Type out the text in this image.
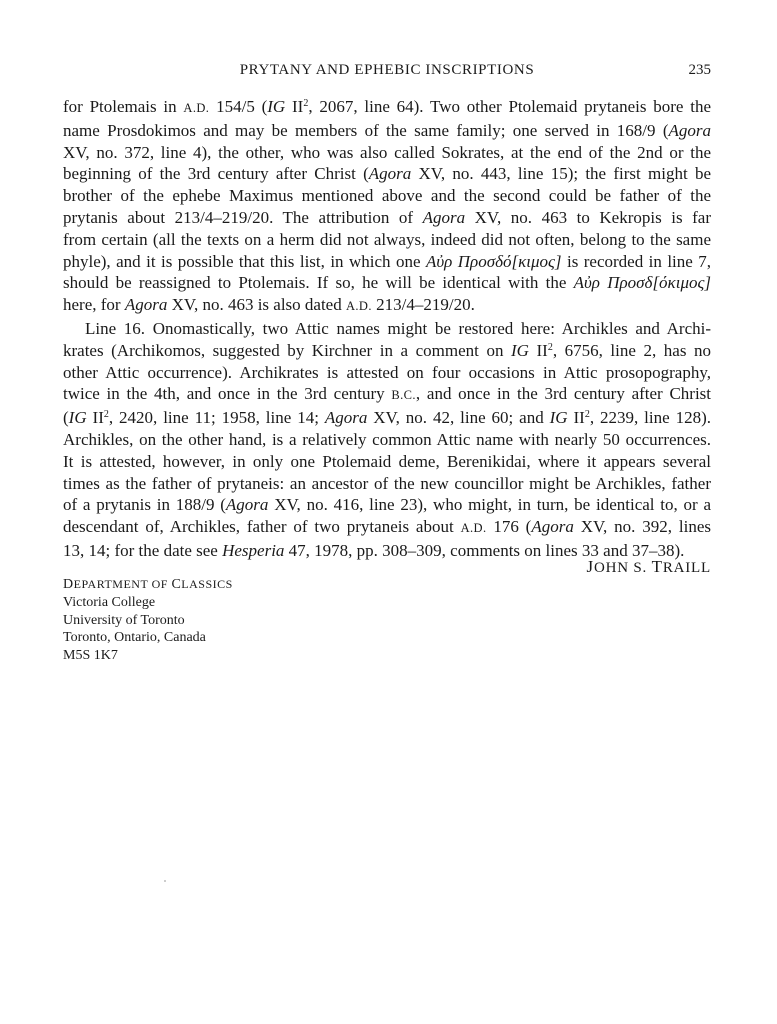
PRYTANY AND EPHEBIC INSCRIPTIONS	235
for Ptolemais in A.D. 154/5 (IG $II^2$, 2067, line 64). Two other Ptolemaid prytaneis bore the
name Prosdokimos and may be members of the same family; one served in 168/9 (Agora
XV, no. 372, line 4), the other, who was also called Sokrates, at the end of the 2nd or the
beginning of the 3rd century after Christ (Agora XV, no. 443, line 15); the first might be
brother of the ephebe Maximus mentioned above and the second could be father of the
prytanis about 213/4–219/20. The attribution of Agora XV, no. 463 to Kekropis is far
from certain (all the texts on a herm did not always, indeed did not often, belong to the same
phyle), and it is possible that this list, in which one Αὐρ Προσδό[κιμος] is recorded in line 7,
should be reassigned to Ptolemais. If so, he will be identical with the Αὐρ Προσδ[όκιμος]
here, for Agora XV, no. 463 is also dated A.D. 213/4–219/20.
Line 16. Onomastically, two Attic names might be restored here: Archikles and Archi-
krates (Archikomos, suggested by Kirchner in a comment on IG $II^2$, 6756, line 2, has no
other Attic occurrence). Archikrates is attested on four occasions in Attic prosopography,
twice in the 4th, and once in the 3rd century B.C., and once in the 3rd century after Christ
(IG $II^2$, 2420, line 11; 1958, line 14; Agora XV, no. 42, line 60; and IG $II^2$, 2239, line 128).
Archikles, on the other hand, is a relatively common Attic name with nearly 50 occurrences.
It is attested, however, in only one Ptolemaid deme, Berenikidai, where it appears several
times as the father of prytaneis: an ancestor of the new councillor might be Archikles, father
of a prytanis in 188/9 (Agora XV, no. 416, line 23), who might, in turn, be identical to, or a
descendant of, Archikles, father of two prytaneis about A.D. 176 (Agora XV, no. 392, lines
13, 14; for the date see Hesperia 47, 1978, pp. 308–309, comments on lines 33 and 37–38).
JOHN S. TRAILL
DEPARTMENT OF CLASSICS
Victoria College
University of Toronto
Toronto, Ontario, Canada
M5S 1K7
